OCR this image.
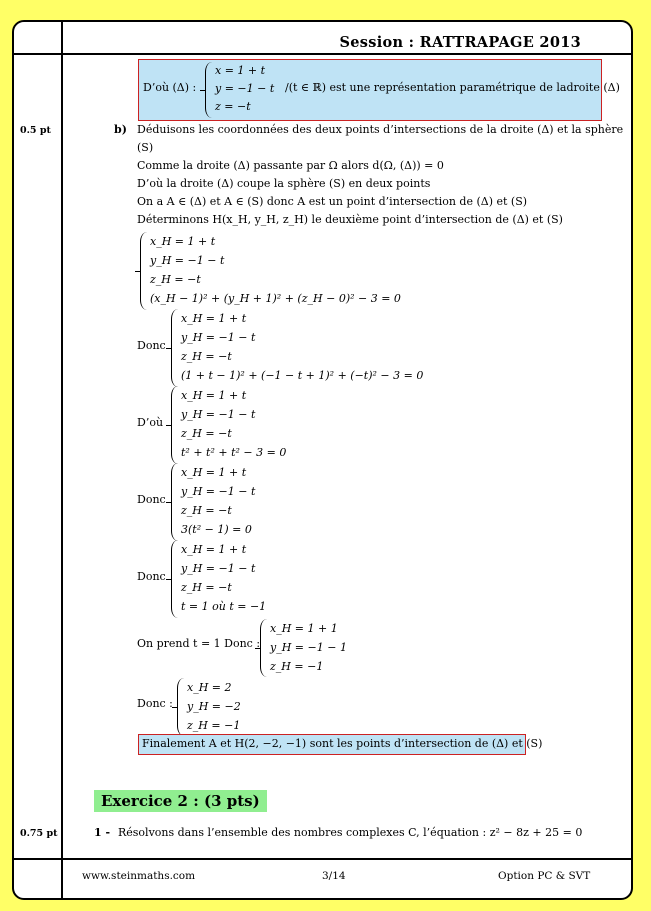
Session : RATTRAPAGE 2013
D’où (Δ) :
x = 1 + t
y = −1 − t
z = −t
/(t ∈ ℝ) est une représentation paramétrique de ladroite (Δ)
0.5 pt
0.75 pt
b) Déduisons les coordonnées des deux points d’intersections de la droite (Δ) et la sphère
(S)
Comme la droite (Δ) passante par Ω alors d(Ω, (Δ)) = 0
D’où la droite (Δ) coupe la sphère (S) en deux points
On a A ∈ (Δ) et A ∈ (S) donc A est un point d’intersection de (Δ) et (S)
Déterminons H(x_H, y_H, z_H) le deuxième point d’intersection de (Δ) et (S)
x_H = 1 + t
y_H = −1 − t
z_H = −t
(x_H − 1)² + (y_H + 1)² + (z_H − 0)² − 3 = 0
Donc
x_H = 1 + t
y_H = −1 − t
z_H = −t
(1 + t − 1)² + (−1 − t + 1)² + (−t)² − 3 = 0
D’où
x_H = 1 + t
y_H = −1 − t
z_H = −t
t² + t² + t² − 3 = 0
Donc
x_H = 1 + t
y_H = −1 − t
z_H = −t
3(t² − 1) = 0
Donc
x_H = 1 + t
y_H = −1 − t
z_H = −t
t = 1 où t = −1
On prend t = 1 Donc :
x_H = 1 + 1
y_H = −1 − 1
z_H = −1
Donc :
x_H = 2
y_H = −2
z_H = −1
Finalement A et H(2, −2, −1) sont les points d’intersection de (Δ) et (S)
Exercice 2 : (3 pts)
1 - Résolvons dans l’ensemble des nombres complexes C, l’équation : z² − 8z + 25 = 0
www.steinmaths.com	3/14	Option PC & SVT
